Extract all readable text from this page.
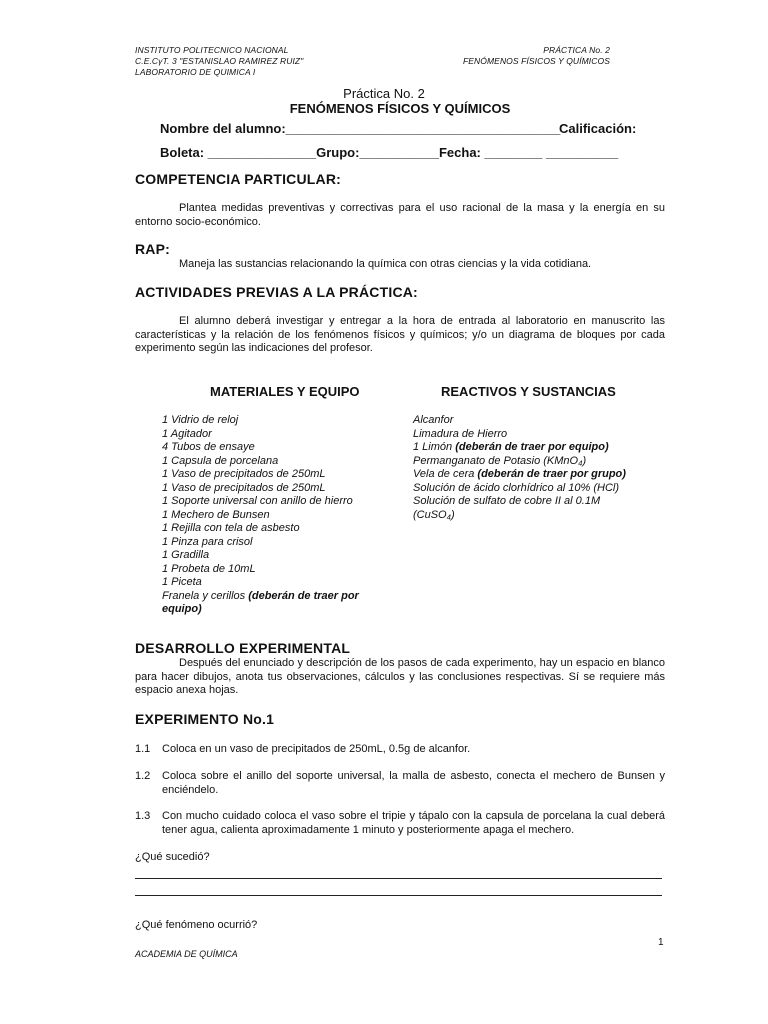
INSTITUTO POLITECNICO NACIONAL
C.E.CγT. 3 "ESTANISLAO RAMIREZ RUIZ"
LABORATORIO DE QUIMICA I
PRÁCTICA No. 2
FENÓMENOS FÍSICOS Y QUÍMICOS
Práctica No. 2
FENÓMENOS FÍSICOS Y QUÍMICOS
Nombre del alumno:______________________________________
Calificación:
Boleta: _______________Grupo:___________Fecha: ________ __________
COMPETENCIA PARTICULAR:
Plantea medidas preventivas y correctivas para el uso racional de la masa y la energía en su entorno socio-económico.
RAP:
Maneja las sustancias relacionando la química con otras ciencias y la vida cotidiana.
ACTIVIDADES PREVIAS A LA PRÁCTICA:
El alumno deberá investigar y entregar a la hora de entrada al laboratorio en manuscrito las características y la relación de los fenómenos físicos y químicos; y/o un diagrama de bloques por cada experimento según las indicaciones del profesor.
MATERIALES Y EQUIPO
1 Vidrio de reloj
1 Agitador
4 Tubos de ensaye
1 Capsula de porcelana
1 Vaso de precipitados de 250mL
1 Vaso de precipitados de 250mL
1 Soporte universal con anillo de hierro
1 Mechero de Bunsen
1 Rejilla con tela de asbesto
1 Pinza para crisol
1 Gradilla
1 Probeta de 10mL
1 Piceta
Franela y cerillos (deberán de traer por
equipo)
REACTIVOS Y SUSTANCIAS
Alcanfor
Limadura de Hierro
1 Limón (deberán de traer por equipo)
Permanganato de Potasio (KMnO₄)
Vela de cera (deberán de traer por grupo)
Solución de ácido clorhídrico al 10% (HCl)
Solución de sulfato de cobre II al 0.1M
(CuSO₄)
DESARROLLO EXPERIMENTAL
Después del enunciado y descripción de los pasos de cada experimento, hay un espacio en blanco para hacer dibujos, anota tus observaciones, cálculos y las conclusiones respectivas. Sí se requiere más espacio anexa hojas.
EXPERIMENTO No.1
1.1 Coloca en un vaso de precipitados de 250mL, 0.5g de alcanfor.
1.2 Coloca sobre el anillo del soporte universal, la malla de asbesto, conecta el mechero de Bunsen y enciéndelo.
1.3 Con mucho cuidado coloca el vaso sobre el tripie y tápalo con la capsula de porcelana la cual deberá tener agua, calienta aproximadamente 1 minuto y posteriormente apaga el mechero.
¿Qué sucedió?
¿Qué fenómeno ocurrió?
1
ACADEMIA DE QUÍMICA
